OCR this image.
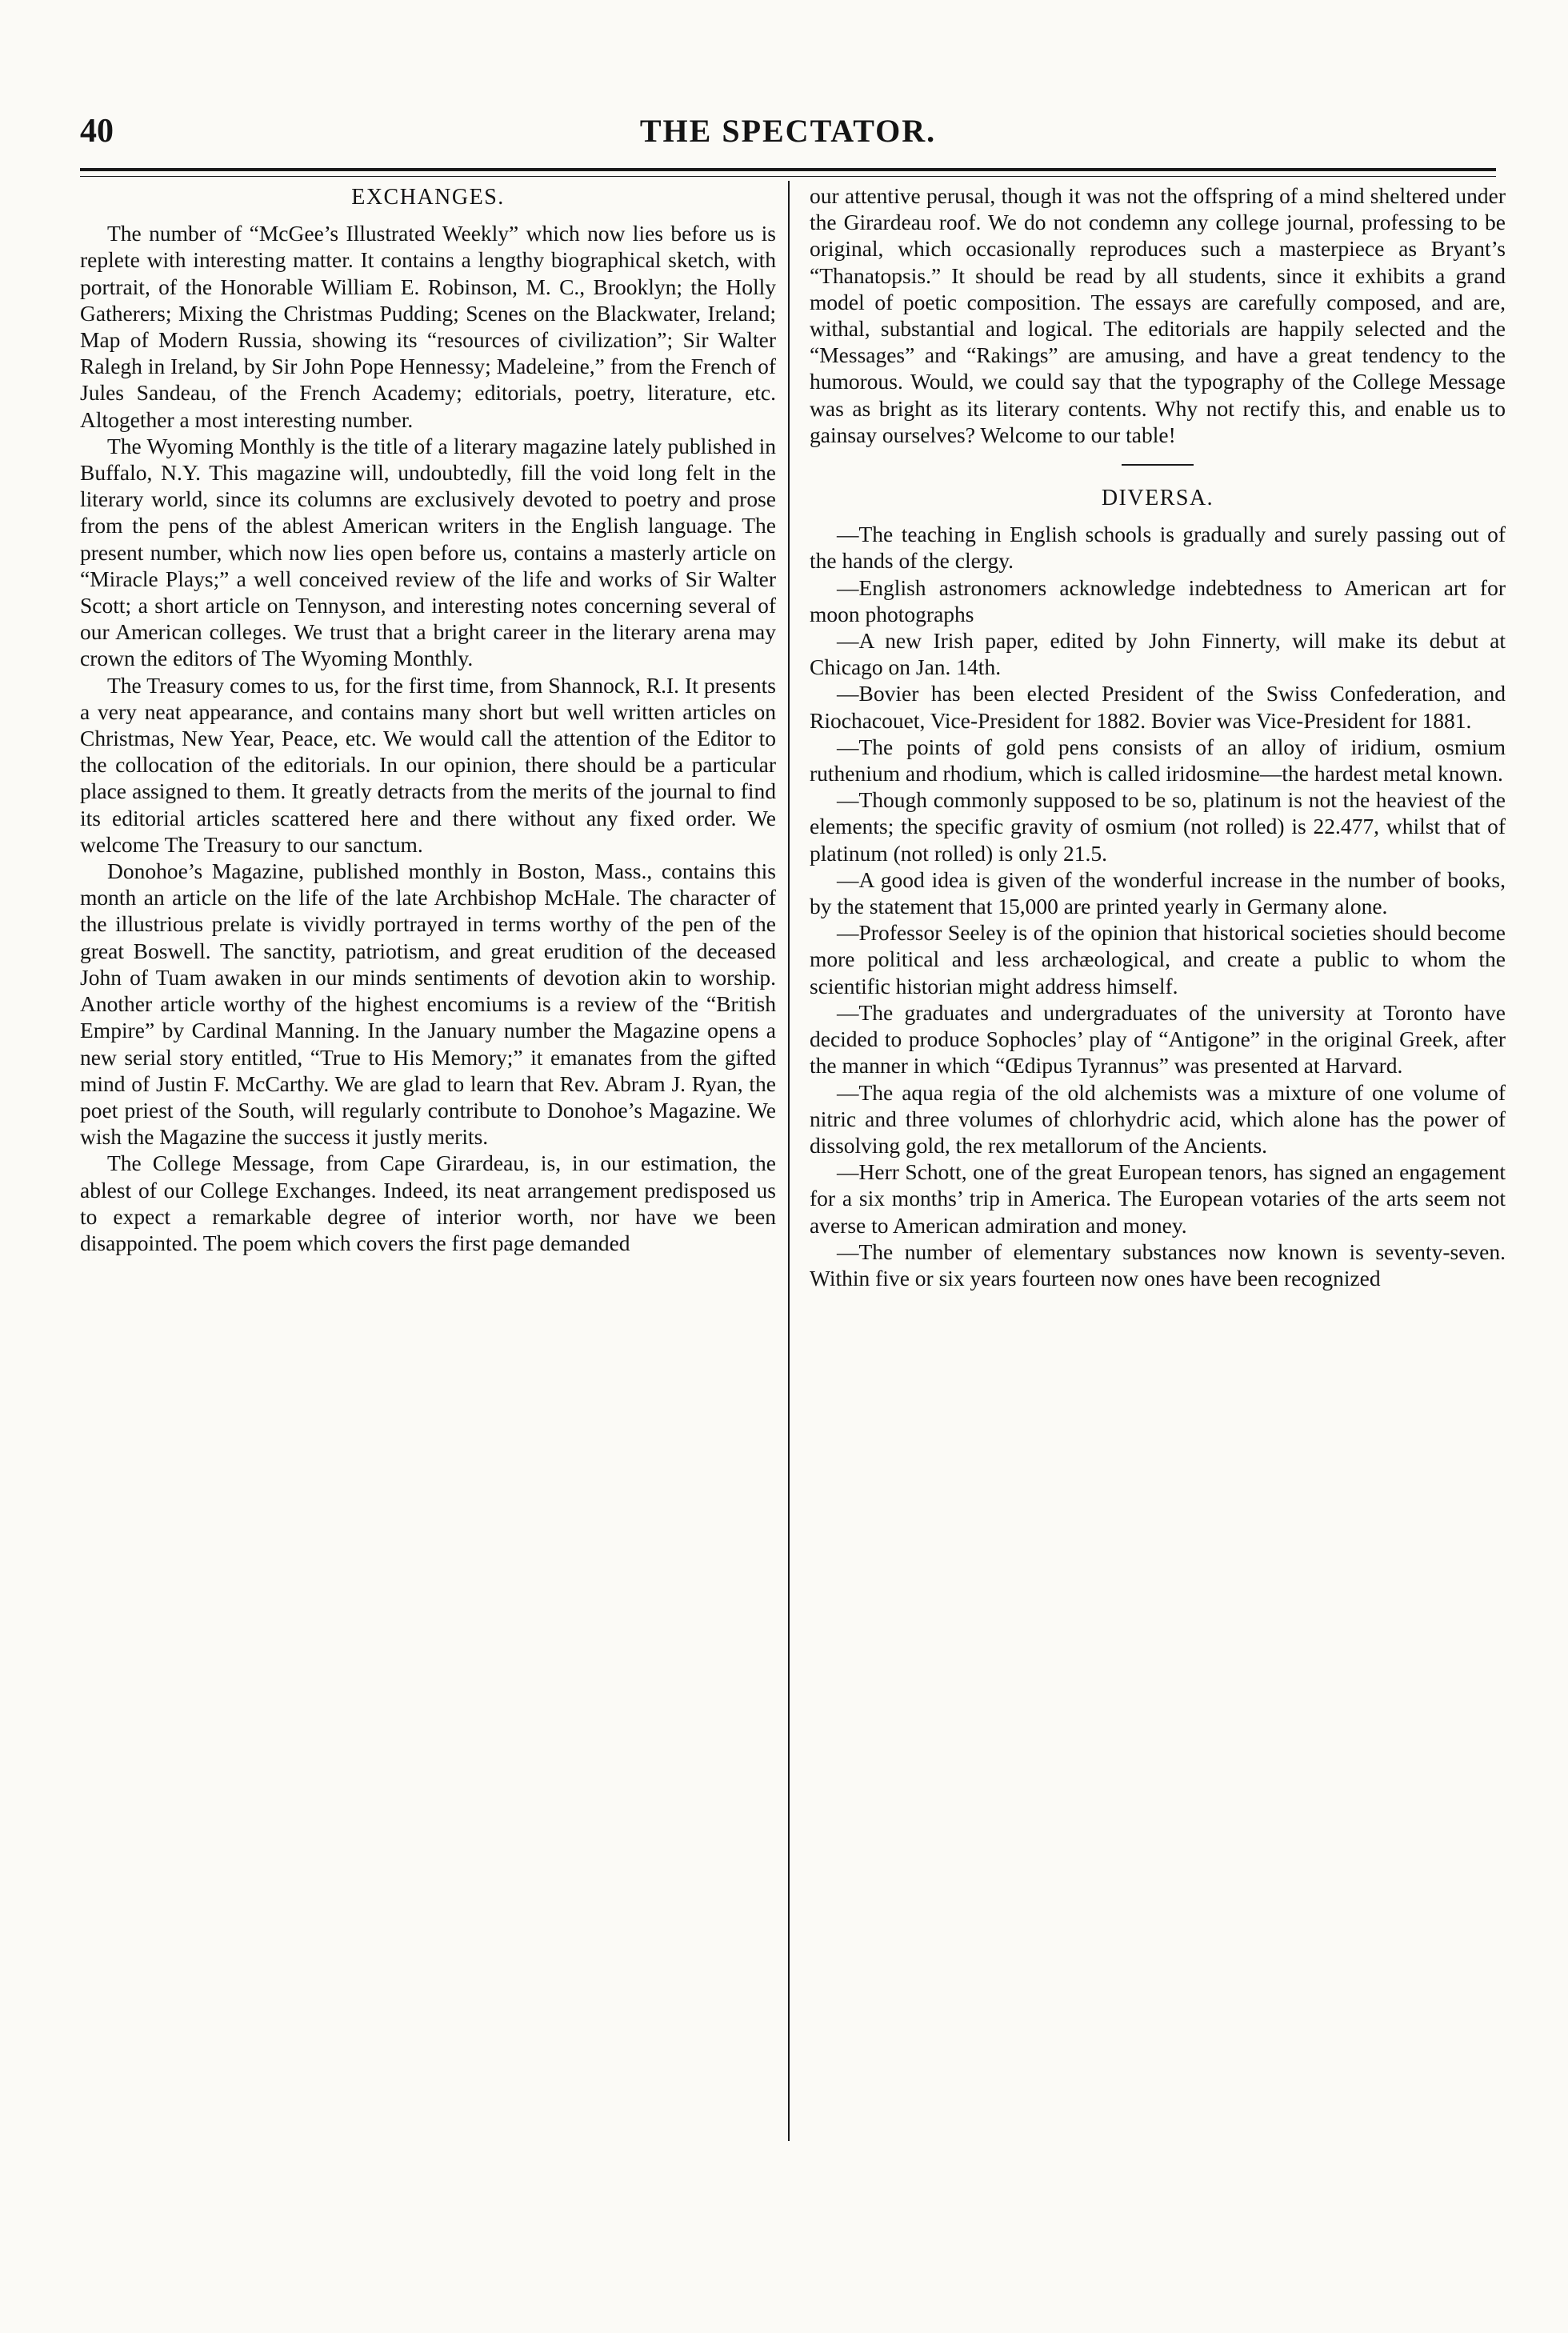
40	THE SPECTATOR.
EXCHANGES.

The number of “McGee’s Illustrated Weekly” which now lies before us is replete with interesting matter. It contains a lengthy biographical sketch, with portrait, of the Honorable William E. Robinson, M. C., Brooklyn; the Holly Gatherers; Mixing the Christmas Pudding; Scenes on the Blackwater, Ireland; Map of Modern Russia, showing its “resources of civilization”; Sir Walter Ralegh in Ireland, by Sir John Pope Hennessy; Madeleine,” from the French of Jules Sandeau, of the French Academy; editorials, poetry, literature, etc. Altogether a most interesting number.

The Wyoming Monthly is the title of a literary magazine lately published in Buffalo, N.Y. This magazine will, undoubtedly, fill the void long felt in the literary world, since its columns are exclusively devoted to poetry and prose from the pens of the ablest American writers in the English language. The present number, which now lies open before us, contains a masterly article on “Miracle Plays;” a well conceived review of the life and works of Sir Walter Scott; a short article on Tennyson, and interesting notes concerning several of our American colleges. We trust that a bright career in the literary arena may crown the editors of The Wyoming Monthly.

The Treasury comes to us, for the first time, from Shannock, R.I. It presents a very neat appearance, and contains many short but well written articles on Christmas, New Year, Peace, etc. We would call the attention of the Editor to the collocation of the editorials. In our opinion, there should be a particular place assigned to them. It greatly detracts from the merits of the journal to find its editorial articles scattered here and there without any fixed order. We welcome The Treasury to our sanctum.

Donohoe’s Magazine, published monthly in Boston, Mass., contains this month an article on the life of the late Archbishop McHale. The character of the illustrious prelate is vividly portrayed in terms worthy of the pen of the great Boswell. The sanctity, patriotism, and great erudition of the deceased John of Tuam awaken in our minds sentiments of devotion akin to worship. Another article worthy of the highest encomiums is a review of the “British Empire” by Cardinal Manning. In the January number the Magazine opens a new serial story entitled, “True to His Memory;” it emanates from the gifted mind of Justin F. McCarthy. We are glad to learn that Rev. Abram J. Ryan, the poet priest of the South, will regularly contribute to Donohoe’s Magazine. We wish the Magazine the success it justly merits.

The College Message, from Cape Girardeau, is, in our estimation, the ablest of our College Exchanges. Indeed, its neat arrangement predisposed us to expect a remarkable degree of interior worth, nor have we been disappointed. The poem which covers the first page demanded

our attentive perusal, though it was not the offspring of a mind sheltered under the Girardeau roof. We do not condemn any college journal, professing to be original, which occasionally reproduces such a masterpiece as Bryant’s “Thanatopsis.” It should be read by all students, since it exhibits a grand model of poetic composition. The essays are carefully composed, and are, withal, substantial and logical. The editorials are happily selected and the “Messages” and “Rakings” are amusing, and have a great tendency to the humorous. Would, we could say that the typography of the College Message was as bright as its literary contents. Why not rectify this, and enable us to gainsay ourselves? Welcome to our table!

DIVERSA.

—The teaching in English schools is gradually and surely passing out of the hands of the clergy.

—English astronomers acknowledge indebtedness to American art for moon photographs

—A new Irish paper, edited by John Finnerty, will make its debut at Chicago on Jan. 14th.

—Bovier has been elected President of the Swiss Confederation, and Riochacouet, Vice-President for 1882. Bovier was Vice-President for 1881.

—The points of gold pens consists of an alloy of iridium, osmium ruthenium and rhodium, which is called iridosmine—the hardest metal known.

—Though commonly supposed to be so, platinum is not the heaviest of the elements; the specific gravity of osmium (not rolled) is 22.477, whilst that of platinum (not rolled) is only 21.5.

—A good idea is given of the wonderful increase in the number of books, by the statement that 15,000 are printed yearly in Germany alone.

—Professor Seeley is of the opinion that historical societies should become more political and less archæological, and create a public to whom the scientific historian might address himself.

—The graduates and undergraduates of the university at Toronto have decided to produce Sophocles’ play of “Antigone” in the original Greek, after the manner in which “Œdipus Tyrannus” was presented at Harvard.

—The aqua regia of the old alchemists was a mixture of one volume of nitric and three volumes of chlorhydric acid, which alone has the power of dissolving gold, the rex metallorum of the Ancients.

—Herr Schott, one of the great European tenors, has signed an engagement for a six months’ trip in America. The European votaries of the arts seem not averse to American admiration and money.

—The number of elementary substances now known is seventy-seven. Within five or six years fourteen now ones have been recognized
